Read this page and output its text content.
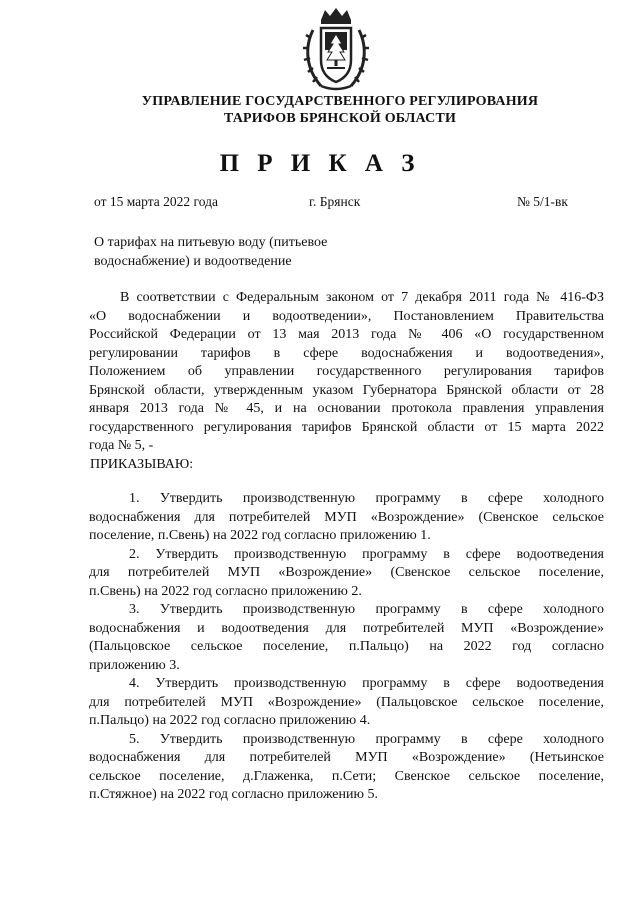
УПРАВЛЕНИЕ ГОСУДАРСТВЕННОГО РЕГУЛИРОВАНИЯ
ТАРИФОВ БРЯНСКОЙ ОБЛАСТИ
П Р И К А З
от 15 марта 2022 года	г. Брянск	№ 5/1-вк
О тарифах на питьевую воду (питьевое
водоснабжение) и водоотведение
В соответствии с Федеральным законом от 7 декабря 2011 года № 416-ФЗ
«О водоснабжении и водоотведении», Постановлением Правительства
Российской Федерации от 13 мая 2013 года № 406 «О государственном
регулировании тарифов в сфере водоснабжения и водоотведения»,
Положением об управлении государственного регулирования тарифов
Брянской области, утвержденным указом Губернатора Брянской области от 28
января 2013 года № 45, и на основании протокола правления управления
государственного регулирования тарифов Брянской области от 15 марта 2022
года № 5, -
ПРИКАЗЫВАЮ:
1. Утвердить производственную программу в сфере холодного
водоснабжения для потребителей МУП «Возрождение» (Свенское сельское
поселение, п.Свень) на 2022 год согласно приложению 1.
2. Утвердить производственную программу в сфере водоотведения
для потребителей МУП «Возрождение» (Свенское сельское поселение,
п.Свень) на 2022 год согласно приложению 2.
3. Утвердить производственную программу в сфере холодного
водоснабжения и водоотведения для потребителей МУП «Возрождение»
(Пальцовское сельское поселение, п.Пальцо) на 2022 год согласно
приложению 3.
4. Утвердить производственную программу в сфере водоотведения
для потребителей МУП «Возрождение» (Пальцовское сельское поселение,
п.Пальцо) на 2022 год согласно приложению 4.
5. Утвердить производственную программу в сфере холодного
водоснабжения для потребителей МУП «Возрождение» (Нетьинское
сельское поселение, д.Глаженка, п.Сети; Свенское сельское поселение,
п.Стяжное) на 2022 год согласно приложению 5.
